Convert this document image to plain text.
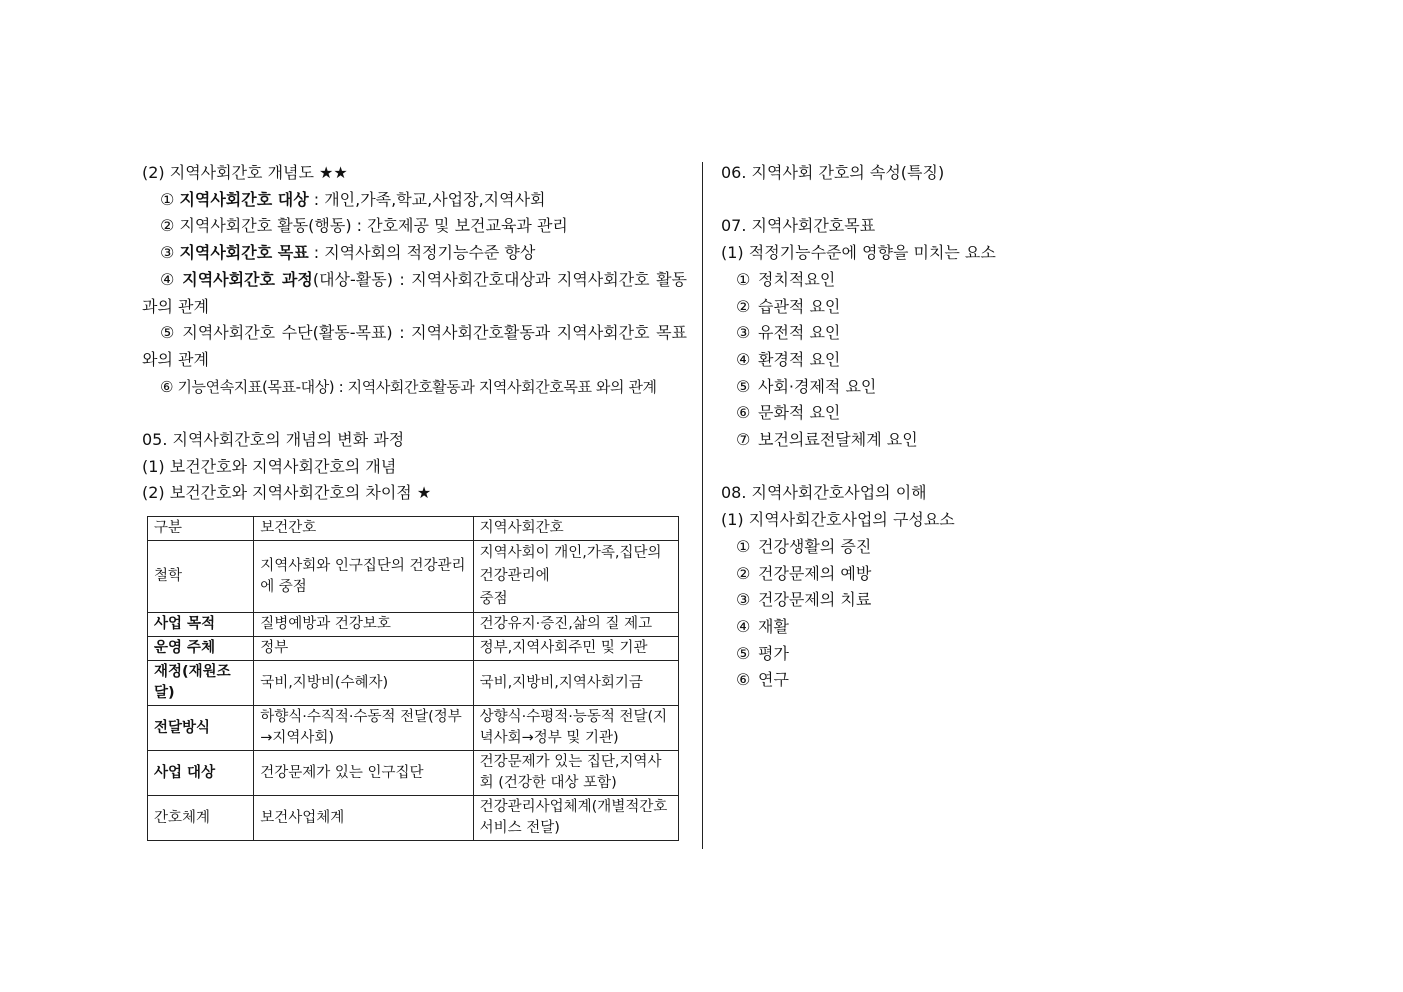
(2) 지역사회간호 개념도 ★★
① 지역사회간호 대상 : 개인,가족,학교,사업장,지역사회
② 지역사회간호 활동(행동) : 간호제공 및 보건교육과 관리
③ 지역사회간호 목표 : 지역사회의 적정기능수준 향상
④ 지역사회간호 과정(대상-활동) : 지역사회간호대상과 지역사회간호 활동과의 관계
⑤ 지역사회간호 수단(활동-목표) : 지역사회간호활동과 지역사회간호 목표와의 관계
⑥ 기능연속지표(목표-대상) : 지역사회간호활동과 지역사회간호목표 와의 관계
05. 지역사회간호의 개념의 변화 과정
(1) 보건간호와 지역사회간호의 개념
(2) 보건간호와 지역사회간호의 차이점 ★
구분	보건간호	지역사회간호
철학	지역사회와 인구집단의 건강관리에 중점	지역사회이 개인,가족,집단의 건강관리에
중점
사업 목적	질병예방과 건강보호	건강유지·증진,삶의 질 제고
운영 주체	정부	정부,지역사회주민 및 기관
재정(재원조달)	국비,지방비(수혜자)	국비,지방비,지역사회기금
전달방식	하향식·수직적·수동적 전달(정부→지역사회)	상향식·수평적·능동적 전달(지녁사회→정부 및 기관)
사업 대상	건강문제가 있는 인구집단	건강문제가 있는 집단,지역사회 (건강한 대상 포함)
간호체계	보건사업체계	건강관리사업체계(개별적간호서비스 전달)
06. 지역사회 간호의 속성(특징)
07. 지역사회간호목표
(1) 적정기능수준에 영향을 미치는 요소
① 정치적요인
② 습관적 요인
③ 유전적 요인
④ 환경적 요인
⑤ 사회·경제적 요인
⑥ 문화적 요인
⑦ 보건의료전달체계 요인
08. 지역사회간호사업의 이해
(1) 지역사회간호사업의 구성요소
① 건강생활의 증진
② 건강문제의 예방
③ 건강문제의 치료
④ 재활
⑤ 평가
⑥ 연구
